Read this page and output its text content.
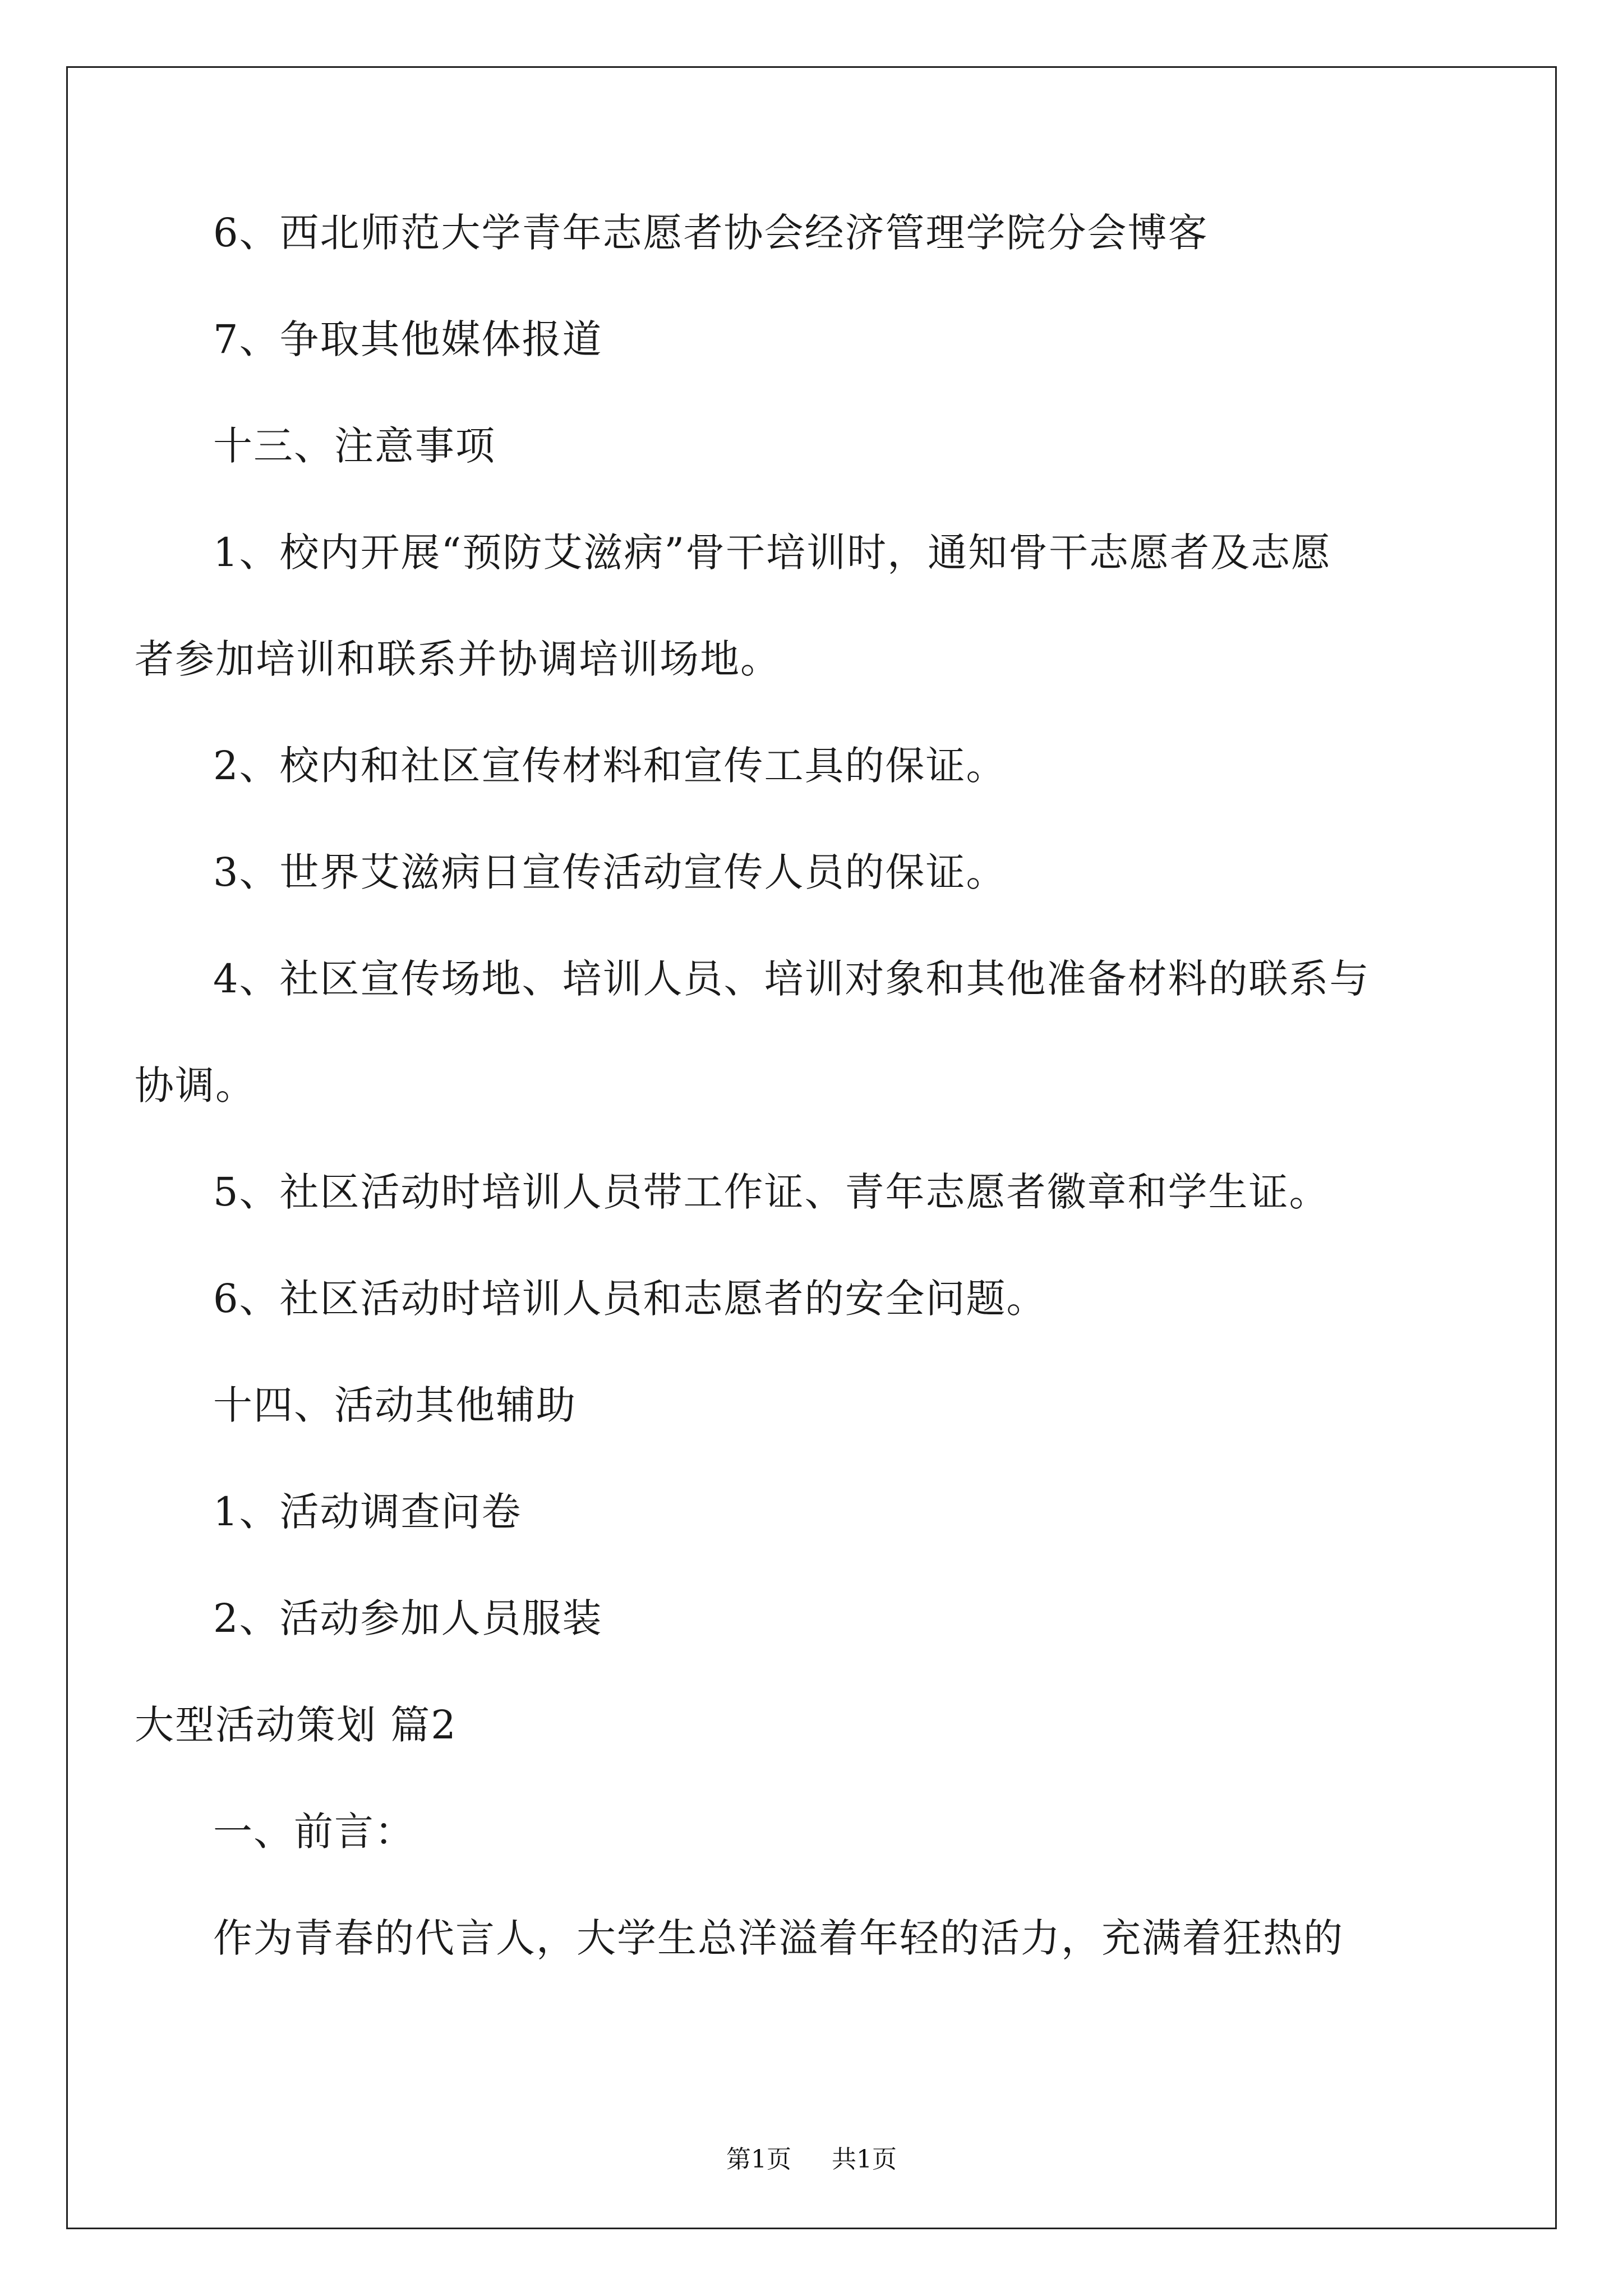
6、西北师范大学青年志愿者协会经济管理学院分会博客
7、争取其他媒体报道
十三、注意事项
1、校内开展“预防艾滋病”骨干培训时，通知骨干志愿者及志愿
者参加培训和联系并协调培训场地。
2、校内和社区宣传材料和宣传工具的保证。
3、世界艾滋病日宣传活动宣传人员的保证。
4、社区宣传场地、培训人员、培训对象和其他准备材料的联系与
协调。
5、社区活动时培训人员带工作证、青年志愿者徽章和学生证。
6、社区活动时培训人员和志愿者的安全问题。
十四、活动其他辅助
1、活动调查问卷
2、活动参加人员服装
大型活动策划 篇2
一、前言：
作为青春的代言人，大学生总洋溢着年轻的活力，充满着狂热的
第1页 共1页
